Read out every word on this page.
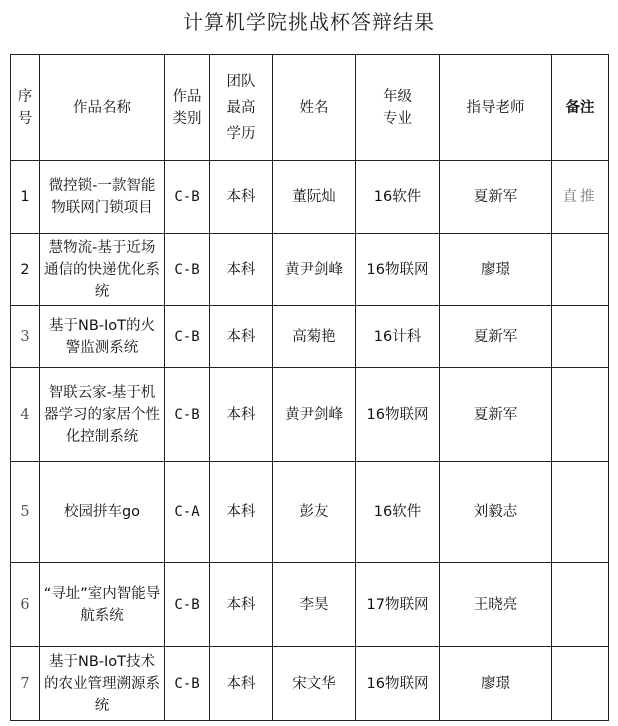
计算机学院挑战杯答辩结果
序号	作品名称	作品类别	团队最高学历	姓名	年级专业	指导老师	备注
1	微控锁-一款智能物联网门锁项目	C-B	本科	董阮灿	16软件	夏新军	直推
2	慧物流-基于近场通信的快递优化系统	C-B	本科	黄尹剑峰	16物联网	廖璟	
3	基于NB-IoT的火警监测系统	C-B	本科	高菊艳	16计科	夏新军	
4	智联云家-基于机器学习的家居个性化控制系统	C-B	本科	黄尹剑峰	16物联网	夏新军	
5	校园拼车go	C-A	本科	彭友	16软件	刘毅志	
6	“寻址”室内智能导航系统	C-B	本科	李昊	17物联网	王晓亮	
7	基于NB-IoT技术的农业管理溯源系统	C-B	本科	宋文华	16物联网	廖璟	
